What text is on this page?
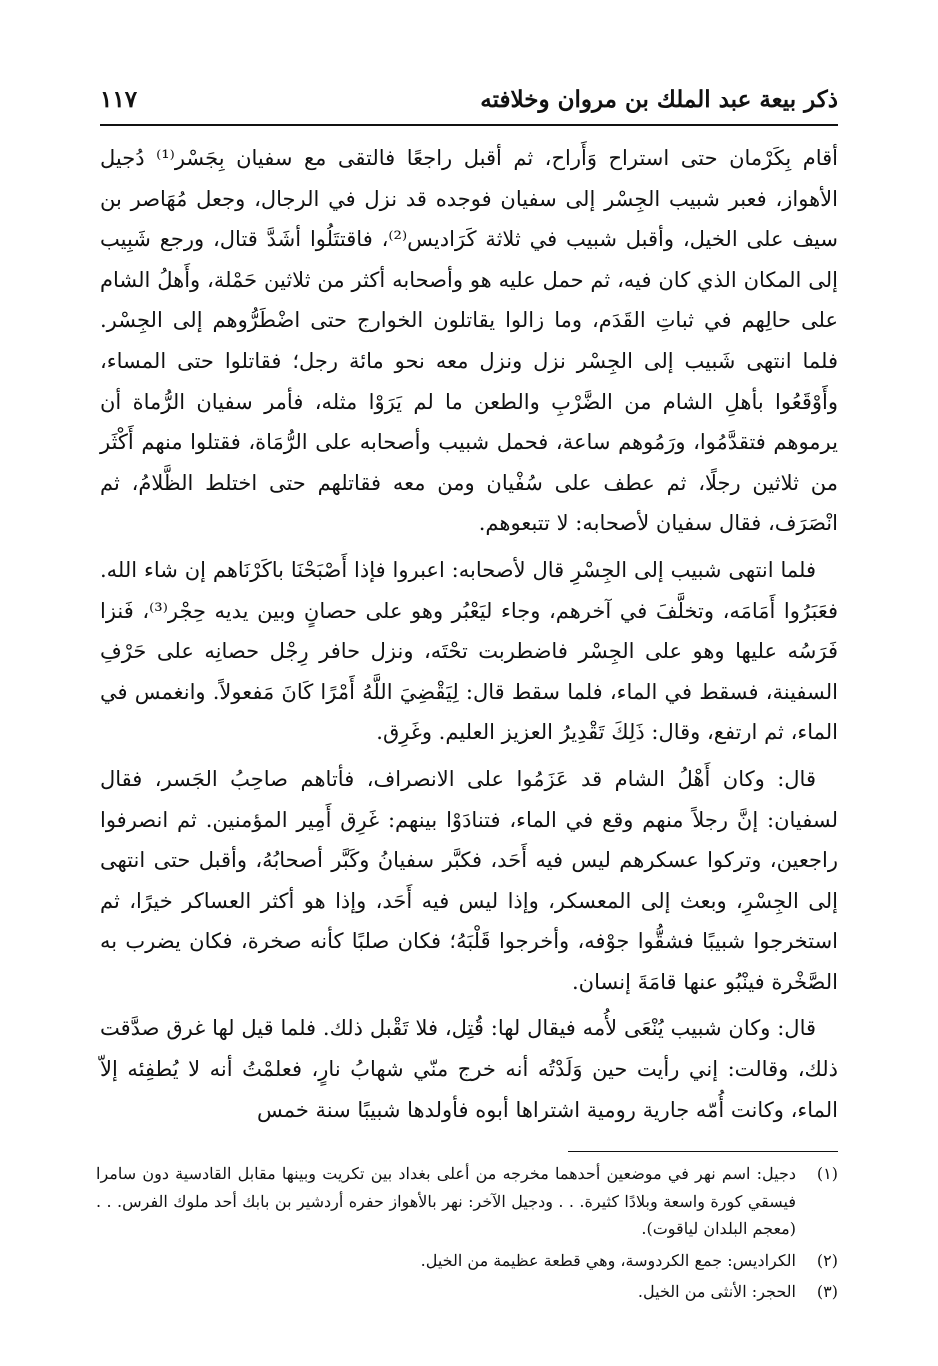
ذكر بيعة عبد الملك بن مروان وخلافته
١١٧

أقام بِكَرْمان حتى استراح وَأَراح، ثم أقبل راجعًا فالتقى مع سفيان بِجَسْر⁽¹⁾ دُجيل الأهواز، فعبر شبيب الجِسْر إلى سفيان فوجده قد نزل في الرجال، وجعل مُهَاصر بن سيف على الخيل، وأقبل شبيب في ثلاثة كَرَاديس⁽²⁾، فاقتتَلُوا أشَدَّ قتال، ورجع شَبِيب إلى المكان الذي كان فيه، ثم حمل عليه هو وأصحابه أكثر من ثلاثين حَمْلة، وأَهلُ الشام على حالِهم في ثباتِ القَدَم، وما زالوا يقاتلون الخوارج حتى اضْطَرُّوهم إلى الجِسْر. فلما انتهى شَبيب إلى الجِسْر نزل ونزل معه نحو مائة رجل؛ فقاتلوا حتى المساء، وأَوْقَعُوا بأهلِ الشام من الضَّرْبِ والطعن ما لم يَرَوْا مثله، فأمر سفيان الرُّماة أن يرموهم فتقدَّمُوا، ورَمُوهم ساعة، فحمل شبيب وأصحابه على الرُّمَاة، فقتلوا منهم أَكْثَر من ثلاثين رجلًا، ثم عطف على سُفْيان ومن معه فقاتلهم حتى اختلط الظَّلامُ، ثم انْصَرَف، فقال سفيان لأصحابه: لا تتبعوهم.

فلما انتهى شبيب إلى الجِسْرِ قال لأصحابه: اعبروا فإذا أَصْبَحْنَا باكَرْنَاهم إن شاء الله. فعَبَرُوا أَمَامَه، وتخلَّفَ في آخرهم، وجاء ليَعْبُر وهو على حصانٍ وبين يديه حِجْر⁽³⁾، فَنزا فَرَسُه عليها وهو على الجِسْر فاضطربت تحْتَه، ونزل حافر رِجْل حصانِه على حَرْفِ السفينة، فسقط في الماء، فلما سقط قال: لِيَقْضِيَ اللَّهُ أَمْرًا كَانَ مَفعولاً. وانغمس في الماء، ثم ارتفع، وقال: ذَلِكَ تَقْدِيرُ العزيز العليم. وغَرِق.

قال: وكان أَهْلُ الشام قد عَزَمُوا على الانصراف، فأتاهم صاحِبُ الجَسر، فقال لسفيان: إنَّ رجلاً منهم وقع في الماء، فتنادَوْا بينهم: غَرِق أَمِير المؤمنين. ثم انصرفوا راجعين، وتركوا عسكرهم ليس فيه أَحَد، فكبَّر سفيانُ وكَبَّر أصحابُهُ، وأقبل حتى انتهى إلى الجِسْرِ، وبعث إلى المعسكر، وإذا ليس فيه أَحَد، وإذا هو أكثر العساكر خيرًا، ثم استخرجوا شبيبًا فشقُّوا جوْفه، وأخرجوا قَلْبَهُ؛ فكان صلبًا كأنه صخرة، فكان يضرب به الصَّخْرة فينْبُو عنها قامَةَ إنسان.

قال: وكان شبيب يُنْعَى لأُمه فيقال لها: قُتِل، فلا تَقْبل ذلك. فلما قيل لها غرق صدَّقت ذلك، وقالت: إني رأيت حين وَلَدْتُه أنه خرج منّي شهابُ نارٍ، فعلمْتُ أنه لا يُطفِئه إلاّ الماء، وكانت أُمّه جارية رومية اشتراها أبوه فأولدها شبيبًا سنة خمس

(١)
دجيل: اسم نهر في موضعين أحدهما مخرجه من أعلى بغداد بين تكريت وبينها مقابل القادسية دون سامرا فيسقي كورة واسعة وبلادًا كثيرة. . . ودجيل الآخر: نهر بالأهواز حفره أردشير بن بابك أحد ملوك الفرس. . . (معجم البلدان لياقوت).
(٢)
الكراديس: جمع الكردوسة، وهي قطعة عظيمة من الخيل.
(٣)
الحجر: الأنثى من الخيل.
